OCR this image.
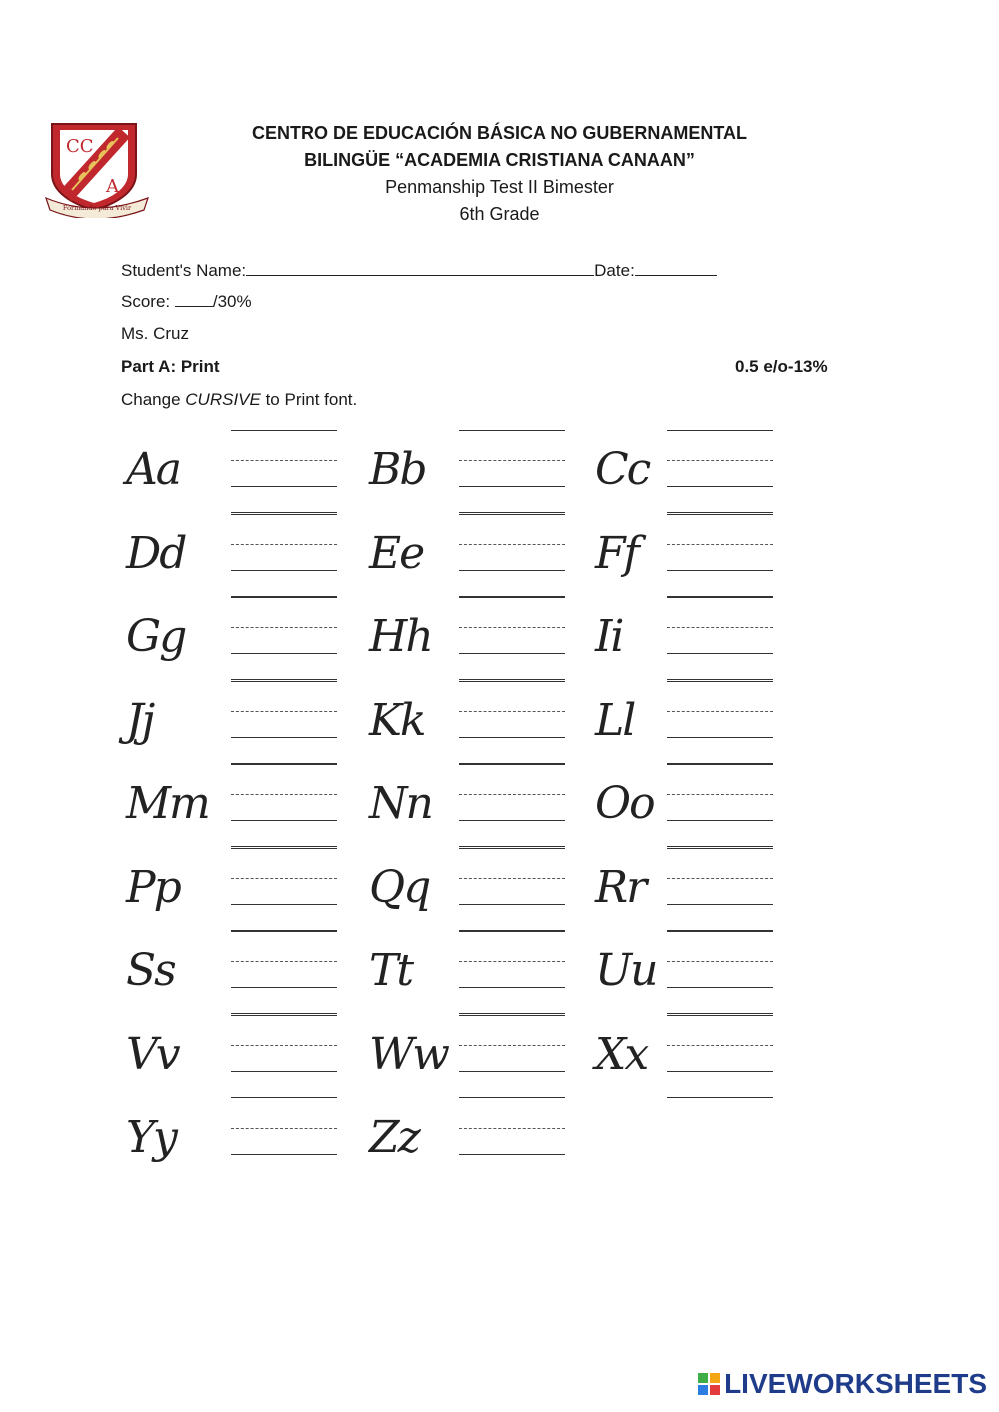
CC
A
Formando para Vivir
CENTRO DE EDUCACIÓN BÁSICA NO GUBERNAMENTAL
BILINGÜE “ACADEMIA CRISTIANA CANAAN”
Penmanship Test II Bimester
6th Grade
Student's Name:	Date:
Score:	/30%
Ms. Cruz
Part A: Print	0.5 e/o-13%
Change CURSIVE to Print font.
Aa	Bb	Cc
Dd	Ee	Ff
Gg	Hh	Ii
Jj	Kk	Ll
Mm	Nn	Oo
Pp	Qq	Rr
Ss	Tt	Uu
Vv	Ww	Xx
Yy	Zz
LIVEWORKSHEETS
